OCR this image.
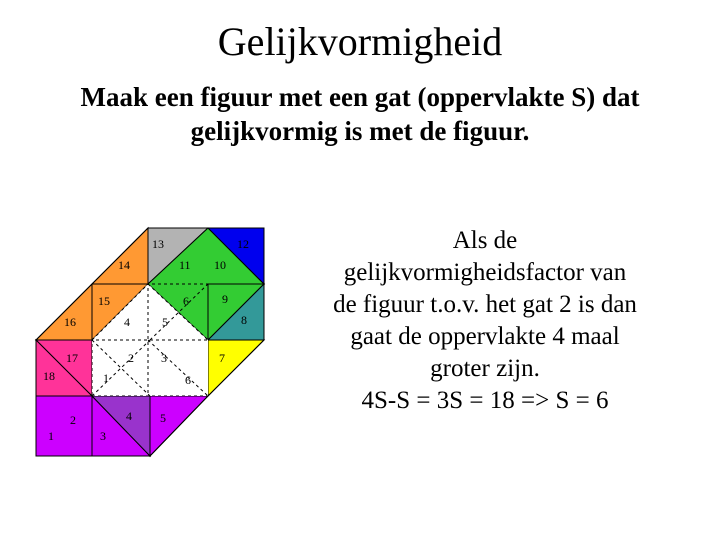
Gelijkvormigheid
Maak een figuur met een gat (oppervlakte S) dat
gelijkvormig is met de figuur.
13	12
14	11 10
15	6	9
16	4	5	8
17	2 3	7
18	1	6
2	4 5
1	3
Als de
gelijkvormigheidsfactor van
de figuur t.o.v. het gat 2 is dan
gaat de oppervlakte 4 maal
groter zijn.
4S-S = 3S = 18 => S = 6
